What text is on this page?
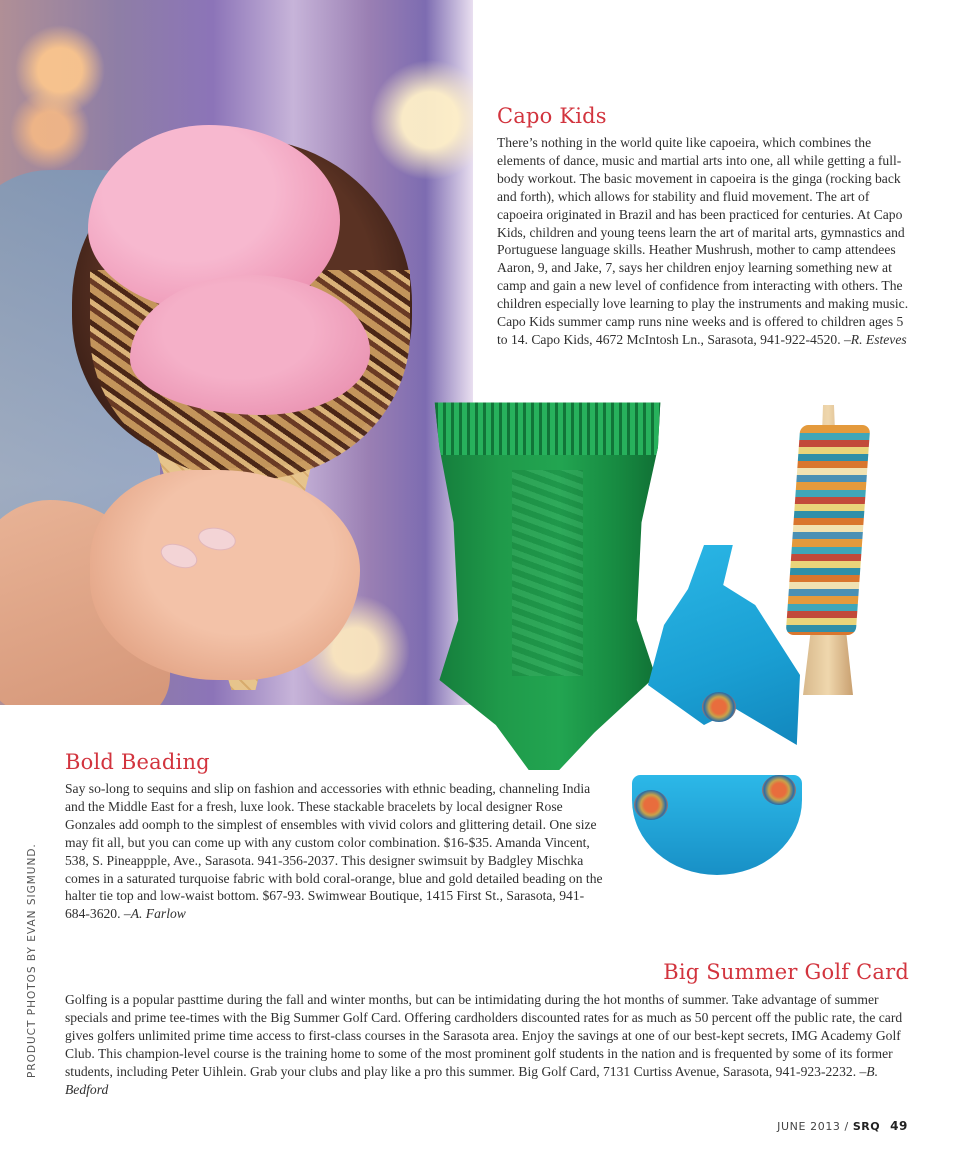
Capo Kids
There’s nothing in the world quite like capoeira, which combines the elements of dance, music and martial arts into one, all while getting a full-body workout. The basic movement in capoeira is the ginga (rocking back and forth), which allows for stability and fluid movement. The art of capoeira originated in Brazil and has been practiced for centuries. At Capo Kids, children and young teens learn the art of marital arts, gymnastics and Portuguese language skills. Heather Mushrush, mother to camp attendees Aaron, 9, and Jake, 7, says her children enjoy learning something new at camp and gain a new level of confidence from interacting with others. The children especially love learning to play the instruments and making music. Capo Kids summer camp runs nine weeks and is offered to children ages 5 to 14. Capo Kids, 4672 McIntosh Ln., Sarasota, 941-922-4520. –R. Esteves
Bold Beading
Say so-long to sequins and slip on fashion and accessories with ethnic beading, channeling India and the Middle East for a fresh, luxe look. These stackable bracelets by local designer Rose Gonzales add oomph to the simplest of ensembles with vivid colors and glittering detail. One size may fit all, but you can come up with any custom color combination. $16-$35. Amanda Vincent, 538, S. Pineappple, Ave., Sarasota. 941-356-2037. This designer swimsuit by Badgley Mischka comes in a saturated turquoise fabric with bold coral-orange, blue and gold detailed beading on the halter tie top and low-waist bottom. $67-93. Swimwear Boutique, 1415 First St., Sarasota, 941-684-3620. –A. Farlow
Big Summer Golf Card
Golfing is a popular pasttime during the fall and winter months, but can be intimidating during the hot months of summer. Take advantage of summer specials and prime tee-times with the Big Summer Golf Card. Offering cardholders discounted rates for as much as 50 percent off the public rate, the card gives golfers unlimited prime time access to first-class courses in the Sarasota area. Enjoy the savings at one of our best-kept secrets, IMG Academy Golf Club. This champion-level course is the training home to some of the most prominent golf students in the nation and is frequented by some of its former students, including Peter Uihlein. Grab your clubs and play like a pro this summer. Big Golf Card, 7131 Curtiss Avenue, Sarasota, 941-923-2232. –B. Bedford
PRODUCT PHOTOS BY EVAN SIGMUND.
JUNE 2013 / SRQ 49
